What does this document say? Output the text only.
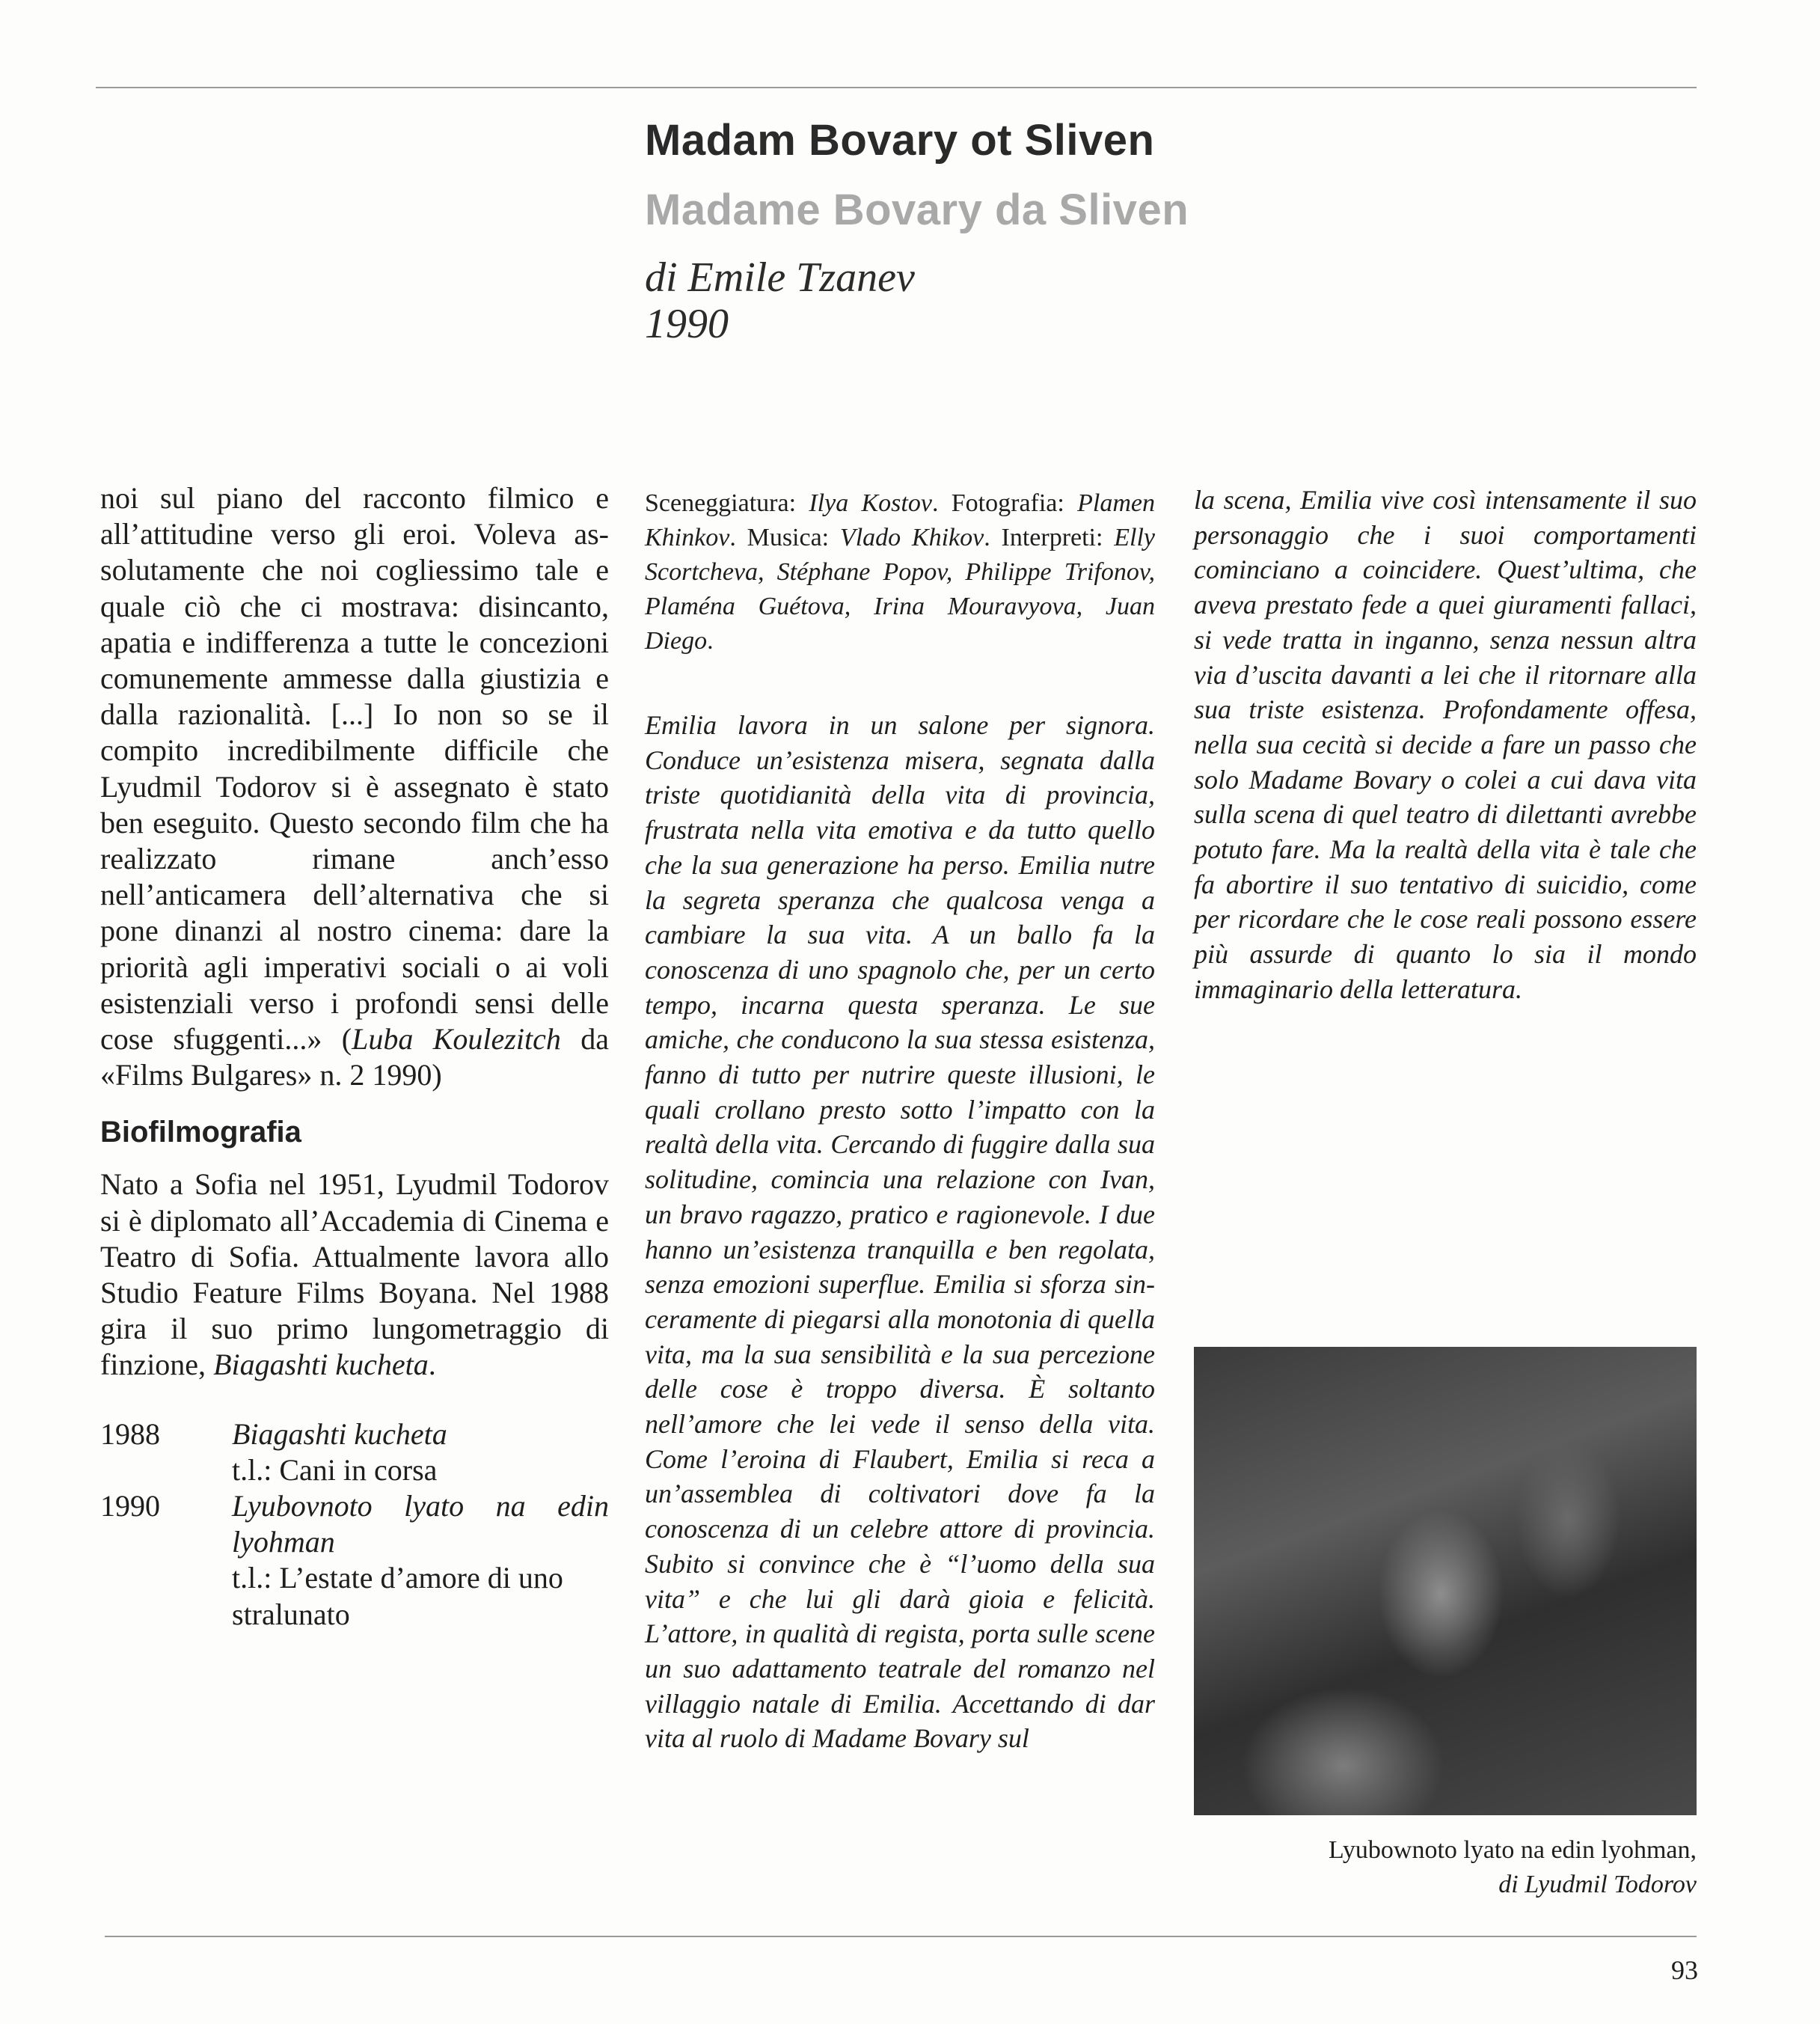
Madam Bovary ot Sliven
Madame Bovary da Sliven
di Emile Tzanev
1990

noi sul piano del racconto filmico e all’attitudine verso gli eroi. Voleva assolutamente che noi cogliessimo tale e quale ciò che ci mostrava: disincanto, apatia e indifferenza a tutte le concezioni comunemente ammesse dalla giustizia e dalla razionalità. [...] Io non so se il compito incredibilmente difficile che Lyudmil Todorov si è assegnato è stato ben eseguito. Questo secondo film che ha realizzato rimane anch’esso nell’anticamera dell’alternativa che si pone dinanzi al nostro cinema: dare la priorità agli imperativi sociali o ai voli esistenziali verso i profondi sensi delle cose sfuggenti...» (Luba Koulezitch da «Films Bulgares» n. 2 1990)

Biofilmografia

Nato a Sofia nel 1951, Lyudmil Todorov si è diplomato all’Accademia di Cinema e Teatro di Sofia. Attualmente lavora allo Studio Feature Films Boyana. Nel 1988 gira il suo primo lungometraggio di finzione, Biagashti kucheta.

1988	Biagashti kucheta
t.l.: Cani in corsa
1990	Lyubovnoto lyato na edin lyohman
t.l.: L’estate d’amore di uno stralunato

Sceneggiatura: Ilya Kostov. Fotografia: Plamen Khinkov. Musica: Vlado Khikov. Interpreti: Elly Scortcheva, Stéphane Popov, Philippe Trifonov, Plaména Guétova, Irina Mouravyova, Juan Diego.

Emilia lavora in un salone per signora. Conduce un’esistenza misera, segnata dalla triste quotidianità della vita di provincia, frustrata nella vita emotiva e da tutto quello che la sua generazione ha perso. Emilia nutre la segreta speranza che qualcosa venga a cambiare la sua vita. A un ballo fa la conoscenza di uno spagnolo che, per un certo tempo, incarna questa speranza. Le sue amiche, che conducono la sua stessa esistenza, fanno di tutto per nutrire queste illusioni, le quali crollano presto sotto l’impatto con la realtà della vita. Cercando di fuggire dalla sua solitudine, comincia una relazione con Ivan, un bravo ragazzo, pratico e ragionevole. I due hanno un’esistenza tranquilla e ben regolata, senza emozioni superflue. Emilia si sforza sinceramente di piegarsi alla monotonia di quella vita, ma la sua sensibilità e la sua percezione delle cose è troppo diversa. È soltanto nell’amore che lei vede il senso della vita. Come l’eroina di Flaubert, Emilia si reca a un’assemblea di coltivatori dove fa la conoscenza di un celebre attore di provincia. Subito si convince che è “l’uomo della sua vita” e che lui gli darà gioia e felicità. L’attore, in qualità di regista, porta sulle scene un suo adattamento teatrale del romanzo nel villaggio natale di Emilia. Accettando di dar vita al ruolo di Madame Bovary sul

la scena, Emilia vive così intensamente il suo personaggio che i suoi comportamenti cominciano a coincidere. Quest’ultima, che aveva prestato fede a quei giuramenti fallaci, si vede tratta in inganno, senza nessun altra via d’uscita davanti a lei che il ritornare alla sua triste esistenza. Profondamente offesa, nella sua cecità si decide a fare un passo che solo Madame Bovary o colei a cui dava vita sulla scena di quel teatro di dilettanti avrebbe potuto fare. Ma la realtà della vita è tale che fa abortire il suo tentativo di suicidio, come per ricordare che le cose reali possono essere più assurde di quanto lo sia il mondo immaginario della letteratura.

Lyubownoto lyato na edin lyohman,
di Lyudmil Todorov
93
